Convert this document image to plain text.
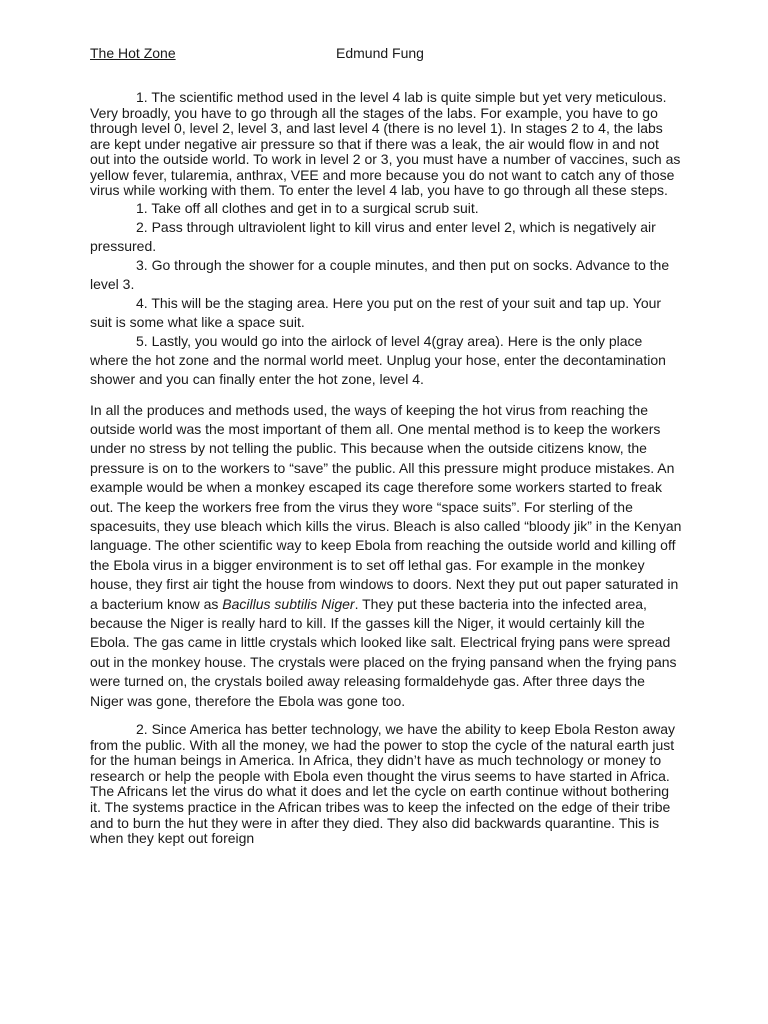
The Hot Zone	Edmund Fung

1. The scientific method used in the level 4 lab is quite simple but yet very meticulous. Very broadly, you have to go through all the stages of the labs. For example, you have to go through level 0, level 2, level 3, and last level 4 (there is no level 1). In stages 2 to 4, the labs are kept under negative air pressure so that if there was a leak, the air would flow in and not out into the outside world. To work in level 2 or 3, you must have a number of vaccines, such as yellow fever, tularemia, anthrax, VEE and more because you do not want to catch any of those virus while working with them. To enter the level 4 lab, you have to go through all these steps.

1. Take off all clothes and get in to a surgical scrub suit.
2. Pass through ultraviolent light to kill virus and enter level 2, which is negatively air pressured.
3. Go through the shower for a couple minutes, and then put on socks. Advance to the level 3.
4. This will be the staging area. Here you put on the rest of your suit and tap up. Your suit is some what like a space suit.
5. Lastly, you would go into the airlock of level 4(gray area). Here is the only place where the hot zone and the normal world meet. Unplug your hose, enter the decontamination shower and you can finally enter the hot zone, level 4.

In all the produces and methods used, the ways of keeping the hot virus from reaching the outside world was the most important of them all. One mental method is to keep the workers under no stress by not telling the public. This because when the outside citizens know, the pressure is on to the workers to “save” the public. All this pressure might produce mistakes. An example would be when a monkey escaped its cage therefore some workers started to freak out. The keep the workers free from the virus they wore “space suits”. For sterling of the spacesuits, they use bleach which kills the virus. Bleach is also called “bloody jik” in the Kenyan language. The other scientific way to keep Ebola from reaching the outside world and killing off the Ebola virus in a bigger environment is to set off lethal gas. For example in the monkey house, they first air tight the house from windows to doors. Next they put out paper saturated in a bacterium know as Bacillus subtilis Niger. They put these bacteria into the infected area, because the Niger is really hard to kill. If the gasses kill the Niger, it would certainly kill the Ebola. The gas came in little crystals which looked like salt. Electrical frying pans were spread out in the monkey house. The crystals were placed on the frying pansand when the frying pans were turned on, the crystals boiled away releasing formaldehyde gas. After three days the Niger was gone, therefore the Ebola was gone too.

2. Since America has better technology, we have the ability to keep Ebola Reston away from the public. With all the money, we had the power to stop the cycle of the natural earth just for the human beings in America. In Africa, they didn’t have as much technology or money to research or help the people with Ebola even thought the virus seems to have started in Africa. The Africans let the virus do what it does and let the cycle on earth continue without bothering it. The systems practice in the African tribes was to keep the infected on the edge of their tribe and to burn the hut they were in after they died. They also did backwards quarantine. This is when they kept out foreign
